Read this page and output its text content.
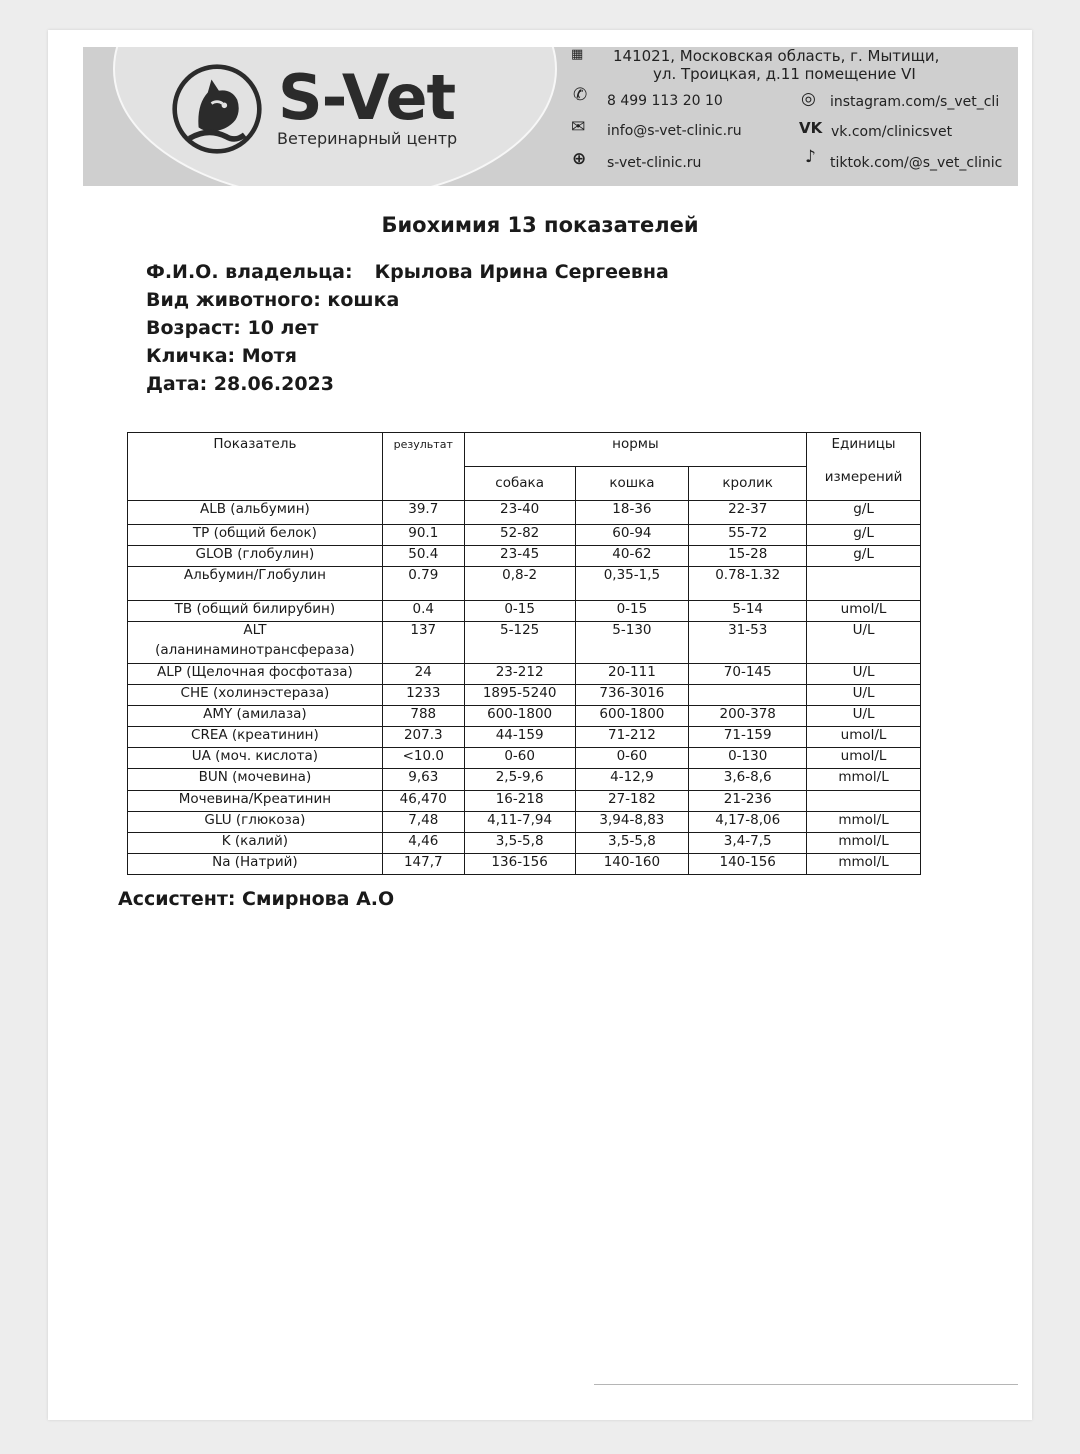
S-Vet
Ветеринарный центр
▦ 141021, Московская область, г. Мытищи,
ул. Троицкая, д.11 помещение VI
✆ 8 499 113 20 10
✉ info@s-vet-clinic.ru
⊕ s-vet-clinic.ru
◎ instagram.com/s_vet_cli
VK vk.com/clinicsvet
♪ tiktok.com/@s_vet_clinic
Биохимия 13 показателей
Ф.И.О. владельца: Крылова Ирина Сергеевна
Вид животного: кошка
Возраст: 10 лет
Кличка: Мотя
Дата: 28.06.2023
Показатель	результат	нормы			Единицы
измерений

		собака	кошка	кролик	

ALB (альбумин)	39.7	23-40	18-36	22-37	g/L

TP (общий белок)	90.1	52-82	60-94	55-72	g/L

GLOB (глобулин)	50.4	23-45	40-62	15-28	g/L

Альбумин/Глобулин	0.79	0,8-2	0,35-1,5	0.78-1.32	

TB (общий билирубин)	0.4	0-15	0-15	5-14	umol/L

ALT
(аланинаминотрансфераза)	137	5-125	5-130	31-53	U/L

ALP (Щелочная фосфотаза)	24	23-212	20-111	70-145	U/L

CHE (холинэстераза)	1233	1895-5240	736-3016		U/L

AMY (амилаза)	788	600-1800	600-1800	200-378	U/L

CREA (креатинин)	207.3	44-159	71-212	71-159	umol/L

UA (моч. кислота)	<10.0	0-60	0-60	0-130	umol/L

BUN (мочевина)	9,63	2,5-9,6	4-12,9	3,6-8,6	mmol/L

Мочевина/Креатинин	46,470	16-218	27-182	21-236	

GLU (глюкоза)	7,48	4,11-7,94	3,94-8,83	4,17-8,06	mmol/L

K (калий)	4,46	3,5-5,8	3,5-5,8	3,4-7,5	mmol/L

Na (Натрий)	147,7	136-156	140-160	140-156	mmol/L
Ассистент: Смирнова А.О
